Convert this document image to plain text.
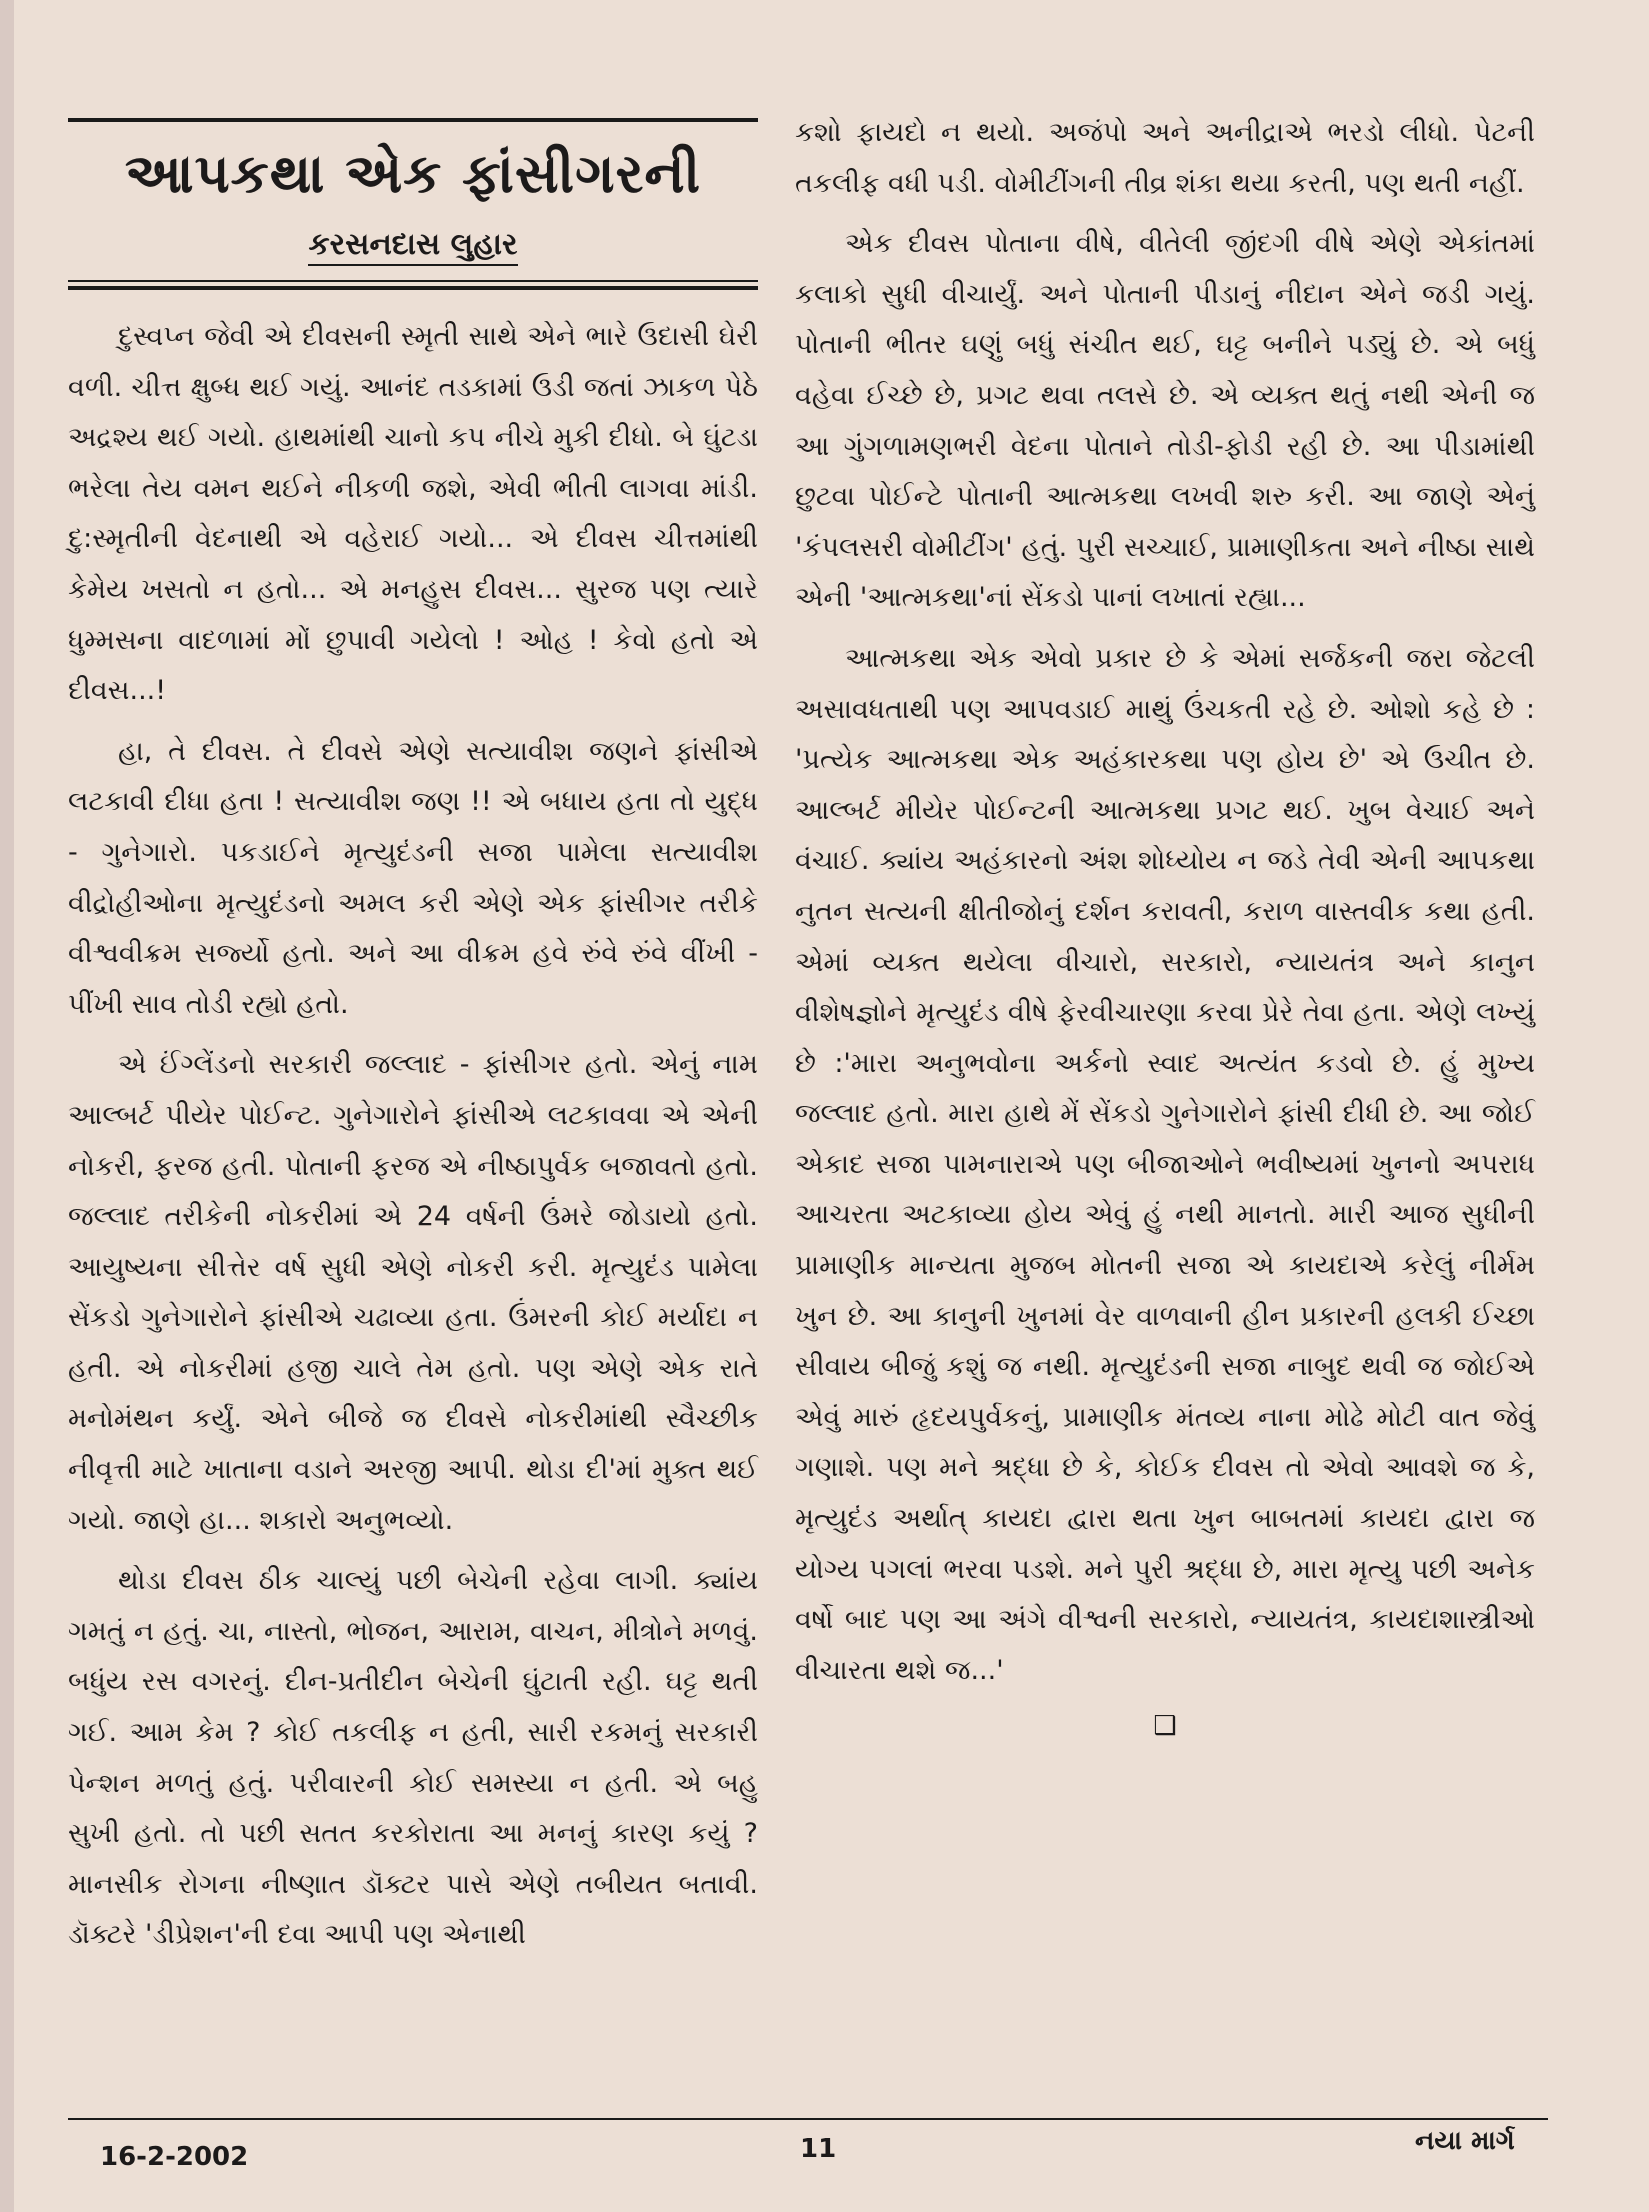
આપકથા એક ફાંસીગરની
કરસનદાસ લુહાર

દુસ્વપ્ન જેવી એ દીવસની સ્મૃતી સાથે એને ભારે ઉદાસી ઘેરી વળી. ચીત્ત ક્ષુબ્ધ થઈ ગયું. આનંદ તડકામાં ઉડી જતાં ઝાકળ પેઠે અદ્રશ્ય થઈ ગયો. હાથમાંથી ચાનો કપ નીચે મુકી દીધો. બે ઘુંટડા ભરેલા તેય વમન થઈને નીકળી જશે, એવી ભીતી લાગવા માંડી. દુ:સ્મૃતીની વેદનાથી એ વહેરાઈ ગયો... એ દીવસ ચીત્તમાંથી કેમેય ખસતો ન હતો... એ મનહુસ દીવસ... સુરજ પણ ત્યારે ધુમ્મસના વાદળામાં મોં છુપાવી ગયેલો ! ઓહ ! કેવો હતો એ દીવસ...!

હા, તે દીવસ. તે દીવસે એણે સત્યાવીશ જણને ફાંસીએ લટકાવી દીધા હતા ! સત્યાવીશ જણ !! એ બધાય હતા તો યુદ્ધ - ગુનેગારો. પકડાઈને મૃત્યુદંડની સજા પામેલા સત્યાવીશ વીદ્રોહીઓના મૃત્યુદંડનો અમલ કરી એણે એક ફાંસીગર તરીકે વીશ્વવીક્રમ સર્જ્યો હતો. અને આ વીક્રમ હવે રુંવે રુંવે વીંખી - પીંખી સાવ તોડી રહ્યો હતો.

એ ઈંગ્લેંડનો સરકારી જલ્લાદ - ફાંસીગર હતો. એનું નામ આલ્બર્ટ પીયેર પોઈન્ટ. ગુનેગારોને ફાંસીએ લટકાવવા એ એની નોકરી, ફરજ હતી. પોતાની ફરજ એ નીષ્ઠાપુર્વક બજાવતો હતો. જલ્લાદ તરીકેની નોકરીમાં એ 24 વર્ષની ઉંમરે જોડાયો હતો. આયુષ્યના સીત્તેર વર્ષ સુધી એણે નોકરી કરી. મૃત્યુદંડ પામેલા સેંકડો ગુનેગારોને ફાંસીએ ચઢાવ્યા હતા. ઉંમરની કોઈ મર્યાદા ન હતી. એ નોકરીમાં હજી ચાલે તેમ હતો. પણ એણે એક રાતે મનોમંથન કર્યું. એને બીજે જ દીવસે નોકરીમાંથી સ્વૈચ્છીક નીવૃત્તી માટે ખાતાના વડાને અરજી આપી. થોડા દી'માં મુક્ત થઈ ગયો. જાણે હા... શકારો અનુભવ્યો.

થોડા દીવસ ઠીક ચાલ્યું પછી બેચેની રહેવા લાગી. ક્યાંય ગમતું ન હતું. ચા, નાસ્તો, ભોજન, આરામ, વાચન, મીત્રોને મળવું. બધુંય રસ વગરનું. દીન-પ્રતીદીન બેચેની ઘુંટાતી રહી. ઘટ્ટ થતી ગઈ. આમ કેમ ? કોઈ તકલીફ ન હતી, સારી રકમનું સરકારી પેન્શન મળતું હતું. પરીવારની કોઈ સમસ્યા ન હતી. એ બહુ સુખી હતો. તો પછી સતત કરકોરાતા આ મનનું કારણ કયું ? માનસીક રોગના નીષ્ણાત ડૉક્ટર પાસે એણે તબીયત બતાવી. ડૉક્ટરે 'ડીપ્રેશન'ની દવા આપી પણ એનાથી

કશો ફાયદો ન થયો. અજંપો અને અનીદ્રાએ ભરડો લીધો. પેટની તકલીફ વધી પડી. વોમીટીંગની તીવ્ર શંકા થયા કરતી, પણ થતી નહીં.

એક દીવસ પોતાના વીષે, વીતેલી જીંદગી વીષે એણે એકાંતમાં કલાકો સુધી વીચાર્યું. અને પોતાની પીડાનું નીદાન એને જડી ગયું. પોતાની ભીતર ઘણું બધું સંચીત થઈ, ઘટ્ટ બનીને પડ્યું છે. એ બધું વહેવા ઈચ્છે છે, પ્રગટ થવા તલસે છે. એ વ્યક્ત થતું નથી એની જ આ ગુંગળામણભરી વેદના પોતાને તોડી-ફોડી રહી છે. આ પીડામાંથી છુટવા પોઈન્ટે પોતાની આત્મકથા લખવી શરુ કરી. આ જાણે એનું 'કંપલસરી વોમીટીંગ' હતું. પુરી સચ્ચાઈ, પ્રામાણીકતા અને નીષ્ઠા સાથે એની 'આત્મકથા'નાં સેંકડો પાનાં લખાતાં રહ્યા...

આત્મકથા એક એવો પ્રકાર છે કે એમાં સર્જકની જરા જેટલી અસાવધતાથી પણ આપવડાઈ માથું ઉંચકતી રહે છે. ઓશો કહે છે : 'પ્રત્યેક આત્મકથા એક અહંકારકથા પણ હોય છે' એ ઉચીત છે. આલ્બર્ટ મીયેર પોઈન્ટની આત્મકથા પ્રગટ થઈ. ખુબ વેચાઈ અને વંચાઈ. ક્યાંય અહંકારનો અંશ શોધ્યોય ન જડે તેવી એની આપકથા નુતન સત્યની ક્ષીતીજોનું દર્શન કરાવતી, કરાળ વાસ્તવીક કથા હતી. એમાં વ્યક્ત થયેલા વીચારો, સરકારો, ન્યાયતંત્ર અને કાનુન વીશેષજ્ઞોને મૃત્યુદંડ વીષે ફેરવીચારણા કરવા પ્રેરે તેવા હતા. એણે લખ્યું છે :'મારા અનુભવોના અર્કનો સ્વાદ અત્યંત કડવો છે. હું મુખ્ય જલ્લાદ હતો. મારા હાથે મેં સેંકડો ગુનેગારોને ફાંસી દીધી છે. આ જોઈ એકાદ સજા પામનારાએ પણ બીજાઓને ભવીષ્યમાં ખુનનો અપરાધ આચરતા અટકાવ્યા હોય એવું હું નથી માનતો. મારી આજ સુધીની પ્રામાણીક માન્યતા મુજબ મોતની સજા એ કાયદાએ કરેલું નીર્મમ ખુન છે. આ કાનુની ખુનમાં વેર વાળવાની હીન પ્રકારની હલકી ઈચ્છા સીવાય બીજું કશું જ નથી. મૃત્યુદંડની સજા નાબુદ થવી જ જોઈએ એવું મારું હૃદયપુર્વકનું, પ્રામાણીક મંતવ્ય નાના મોઢે મોટી વાત જેવું ગણાશે. પણ મને શ્રદ્ધા છે કે, કોઈક દીવસ તો એવો આવશે જ કે, મૃત્યુદંડ અર્થાત્ કાયદા દ્વારા થતા ખુન બાબતમાં કાયદા દ્વારા જ યોગ્ય પગલાં ભરવા પડશે. મને પુરી શ્રદ્ધા છે, મારા મૃત્યુ પછી અનેક વર્ષો બાદ પણ આ અંગે વીશ્વની સરકારો, ન્યાયતંત્ર, કાયદાશાસ્ત્રીઓ વીચારતા થશે જ...'

❑
16-2-2002	11	નયા માર્ગ
